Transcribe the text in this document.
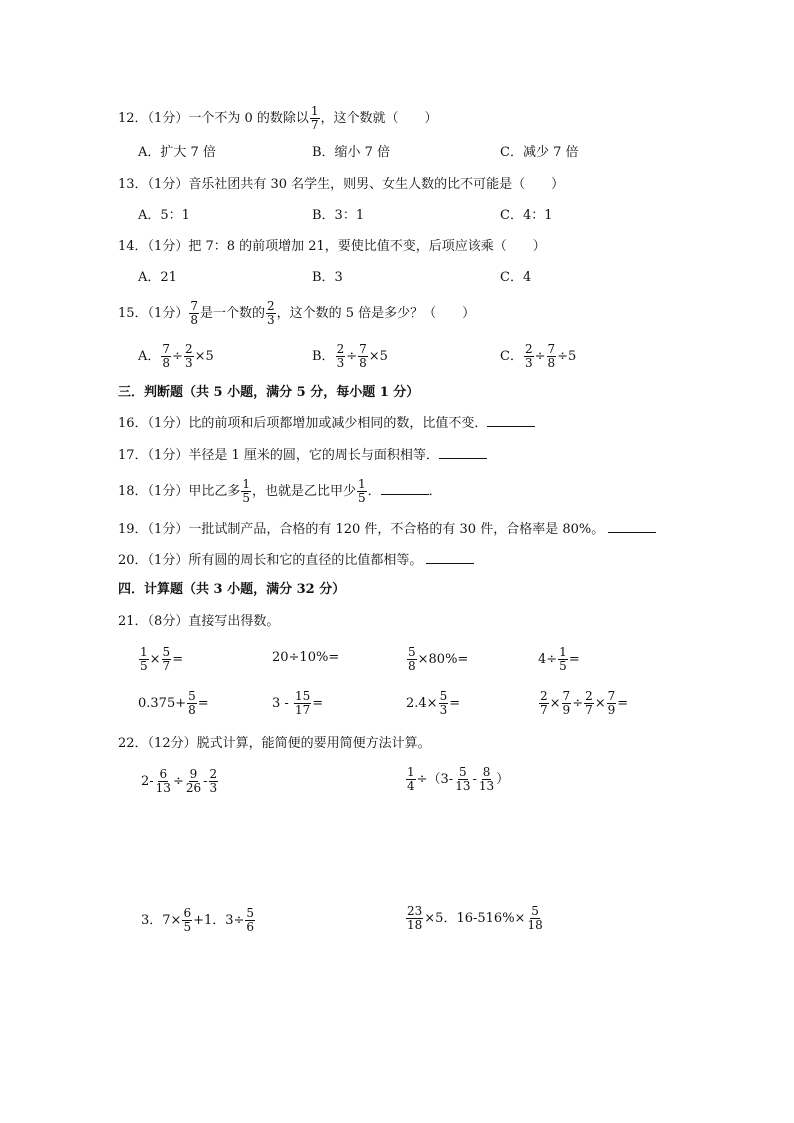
12．（1分）一个不为 0 的数除以 $\frac{1}{7}$ ，这个数就（　　）
A．扩大 7 倍	B．缩小 7 倍	C．减少 7 倍
13．（1分）音乐社团共有 30 名学生，则男、女生人数的比不可能是（　　）
A．5：1	B．3：1	C．4：1
14．（1分）把 7：8 的前项增加 21，要使比值不变，后项应该乘（　　）
A．21	B．3	C．4
15．（1分） $\frac{7}{8}$ 是一个数的 $\frac{2}{3}$ ，这个数的 5 倍是多少？（　　）
A． $\frac{7}{8} \div \frac{2}{3} \times 5$	B． $\frac{2}{3} \div \frac{7}{8} \times 5$	C． $\frac{2}{3} \div \frac{7}{8} \div 5$
三．判断题（共 5 小题，满分 5 分，每小题 1 分）
16．（1分）比的前项和后项都增加或减少相同的数，比值不变．
17．（1分）半径是 1 厘米的圆，它的周长与面积相等．
18．（1分）甲比乙多 $\frac{1}{5}$ ，也就是乙比甲少 $\frac{1}{5}$ ．	．
19．（1分）一批试制产品，合格的有 120 件，不合格的有 30 件，合格率是 80%。
20．（1分）所有圆的周长和它的直径的比值都相等。
四．计算题（共 3 小题，满分 32 分）
21．（8分）直接写出得数。
$\frac{1}{5} \times \frac{5}{7}$ =	20÷10%=	$\frac{5}{8} \times 80\%=$	$4\div \frac{1}{5}$ =
$0.375+ \frac{5}{8}$ =	$3 - \frac{15}{17}$ =	$2.4\times \frac{5}{3}$ =	$\frac{2}{7} \times \frac{7}{9} \div \frac{2}{7} \times \frac{7}{9}$ =
22．（12分）脱式计算，能简便的要用简便方法计算。
$2- \frac{6}{13} \div \frac{9}{26} - \frac{2}{3}$	$\frac{1}{4} \div(3- \frac{5}{13} - \frac{8}{13}$ ）
3．$7\times \frac{6}{5} +1$．$3\div \frac{5}{6}$	$\frac{23}{18} \times 5$．$16-516\%\times \frac{5}{18}$
